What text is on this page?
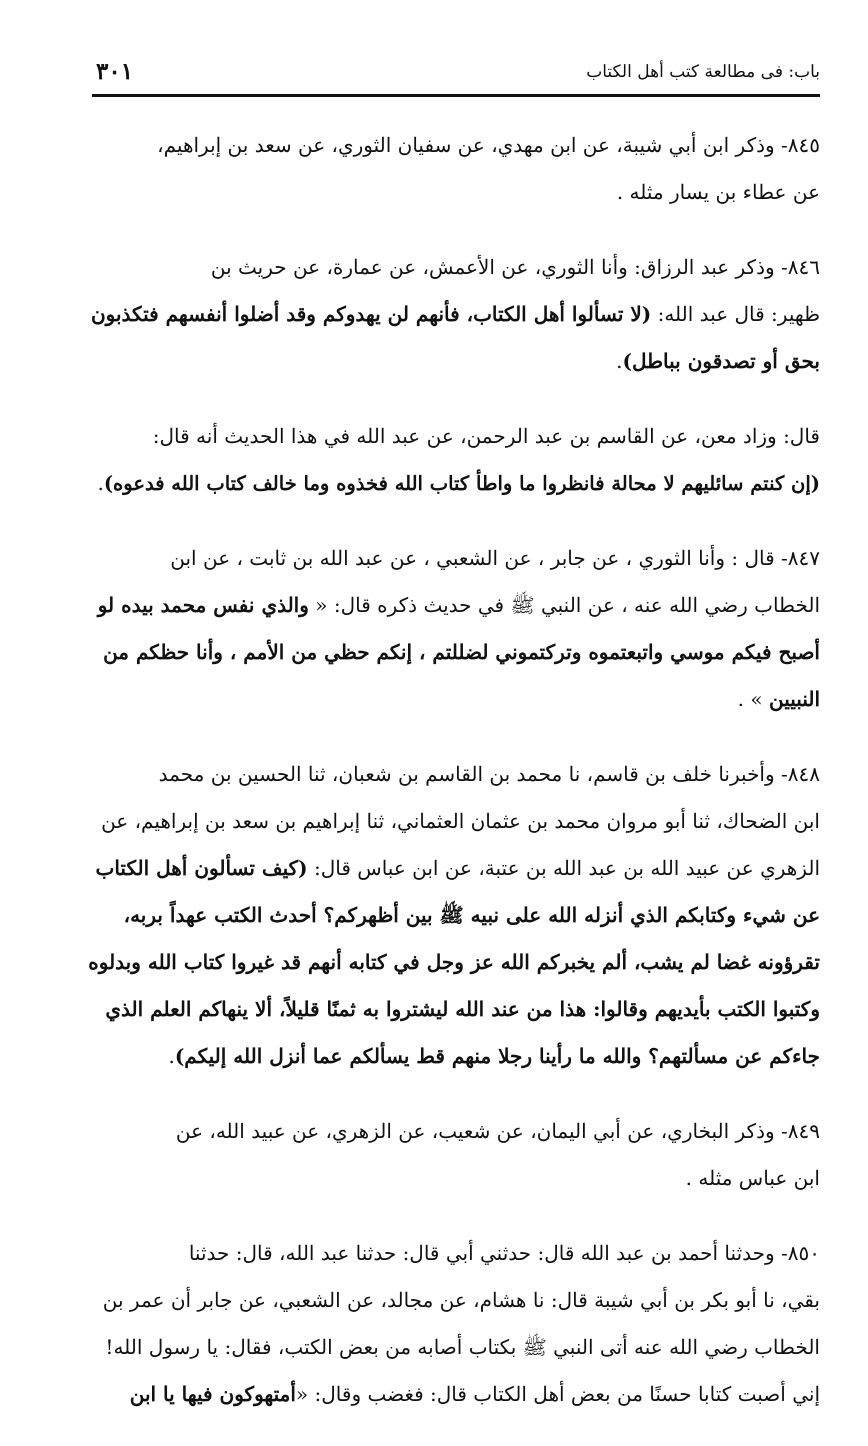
باب: فى مطالعة كتب أهل الكتاب
٣٠١
٨٤٥- وذكر ابن أبي شيبة، عن ابن مهدي، عن سفيان الثوري، عن سعد بن إبراهيم،
عن عطاء بن يسار مثله .
٨٤٦- وذكر عبد الرزاق: وأنا الثوري، عن الأعمش، عن عمارة، عن حريث بن
ظهير: قال عبد الله: (لا تسألوا أهل الكتاب، فأنهم لن يهدوكم وقد أضلوا أنفسهم فتكذبون
بحق أو تصدقون بباطل).
قال: وزاد معن، عن القاسم بن عبد الرحمن، عن عبد الله في هذا الحديث أنه قال:
(إن كنتم سائليهم لا محالة فانظروا ما واطأ كتاب الله فخذوه وما خالف كتاب الله فدعوه).
٨٤٧- قال : وأنا الثوري ، عن جابر ، عن الشعبي ، عن عبد الله بن ثابت ، عن ابن
الخطاب رضي الله عنه ، عن النبي ﷺ في حديث ذكره قال: « والذي نفس محمد بيده لو
أصبح فيكم موسي واتبعتموه وتركتموني لضللتم ، إنكم حظي من الأمم ، وأنا حظكم من
النبيين » .
٨٤٨- وأخبرنا خلف بن قاسم، نا محمد بن القاسم بن شعبان، ثنا الحسين بن محمد
ابن الضحاك، ثنا أبو مروان محمد بن عثمان العثماني، ثنا إبراهيم بن سعد بن إبراهيم، عن
الزهري عن عبيد الله بن عبد الله بن عتبة، عن ابن عباس قال: (كيف تسألون أهل الكتاب
عن شيء وكتابكم الذي أنزله الله على نبيه ﷺ بين أظهركم؟ أحدث الكتب عهداً بربه،
تقرؤونه غضا لم يشب، ألم يخبركم الله عز وجل في كتابه أنهم قد غيروا كتاب الله وبدلوه
وكتبوا الكتب بأيديهم وقالوا: هذا من عند الله ليشتروا به ثمنًا قليلاً، ألا ينهاكم العلم الذي
جاءكم عن مسألتهم؟ والله ما رأينا رجلا منهم قط يسألكم عما أنزل الله إليكم).
٨٤٩- وذكر البخاري، عن أبي اليمان، عن شعيب، عن الزهري، عن عبيد الله، عن
ابن عباس مثله .
٨٥٠- وحدثنا أحمد بن عبد الله قال: حدثني أبي قال: حدثنا عبد الله، قال: حدثنا
بقي، نا أبو بكر بن أبي شيبة قال: نا هشام، عن مجالد، عن الشعبي، عن جابر أن عمر بن
الخطاب رضي الله عنه أتى النبي ﷺ بكتاب أصابه من بعض الكتب، فقال: يا رسول الله!
إني أصبت كتابا حسنًا من بعض أهل الكتاب قال: فغضب وقال: «أمتهوكون فيها يا ابن
